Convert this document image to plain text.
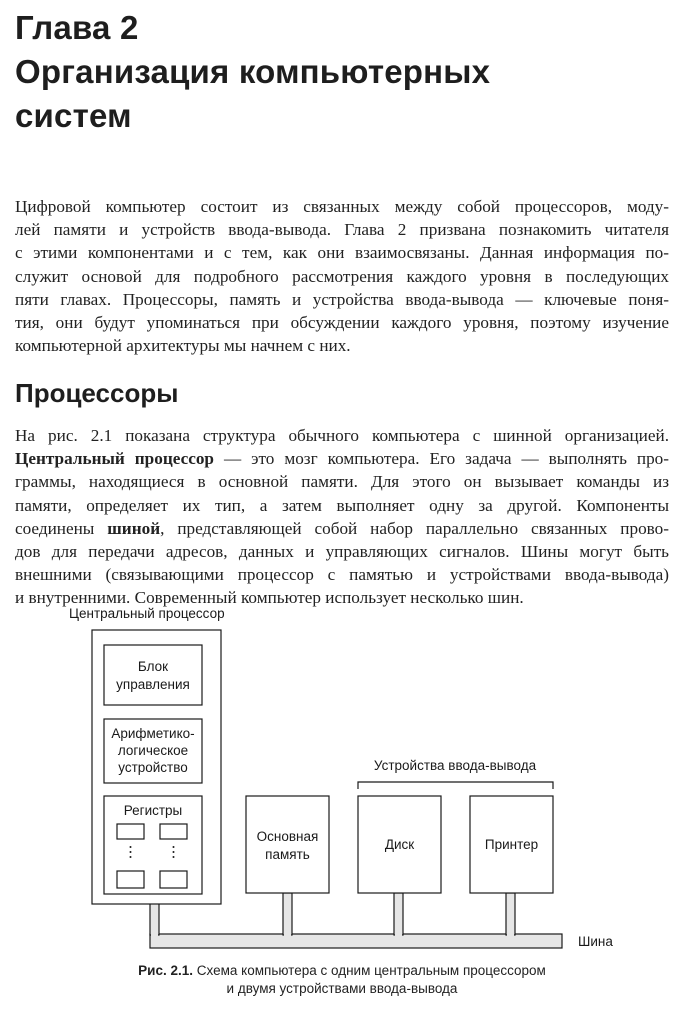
Глава 2
Организация компьютерных
систем

Цифровой компьютер состоит из связанных между собой процессоров, моду-
лей памяти и устройств ввода-вывода. Глава 2 призвана познакомить читателя
с этими компонентами и с тем, как они взаимосвязаны. Данная информация по-
служит основой для подробного рассмотрения каждого уровня в последующих
пяти главах. Процессоры, память и устройства ввода-вывода — ключевые поня-
тия, они будут упоминаться при обсуждении каждого уровня, поэтому изучение
компьютерной архитектуры мы начнем с них.

Процессоры

На рис. 2.1 показана структура обычного компьютера с шинной организацией.
Центральный процессор — это мозг компьютера. Его задача — выполнять про-
граммы, находящиеся в основной памяти. Для этого он вызывает команды из
памяти, определяет их тип, а затем выполняет одну за другой. Компоненты
соединены шиной, представляющей собой набор параллельно связанных прово-
дов для передачи адресов, данных и управляющих сигналов. Шины могут быть
внешними (связывающими процессор с памятью и устройствами ввода-вывода)
и внутренними. Современный компьютер использует несколько шин.

Центральный процессор
Шина
Блок
управления
Арифметико-
логическое
устройство
Регистры
Основная
память
Устройства ввода-вывода
Диск	Принтер
Рис. 2.1. Схема компьютера с одним центральным процессором
и двумя устройствами ввода-вывода
